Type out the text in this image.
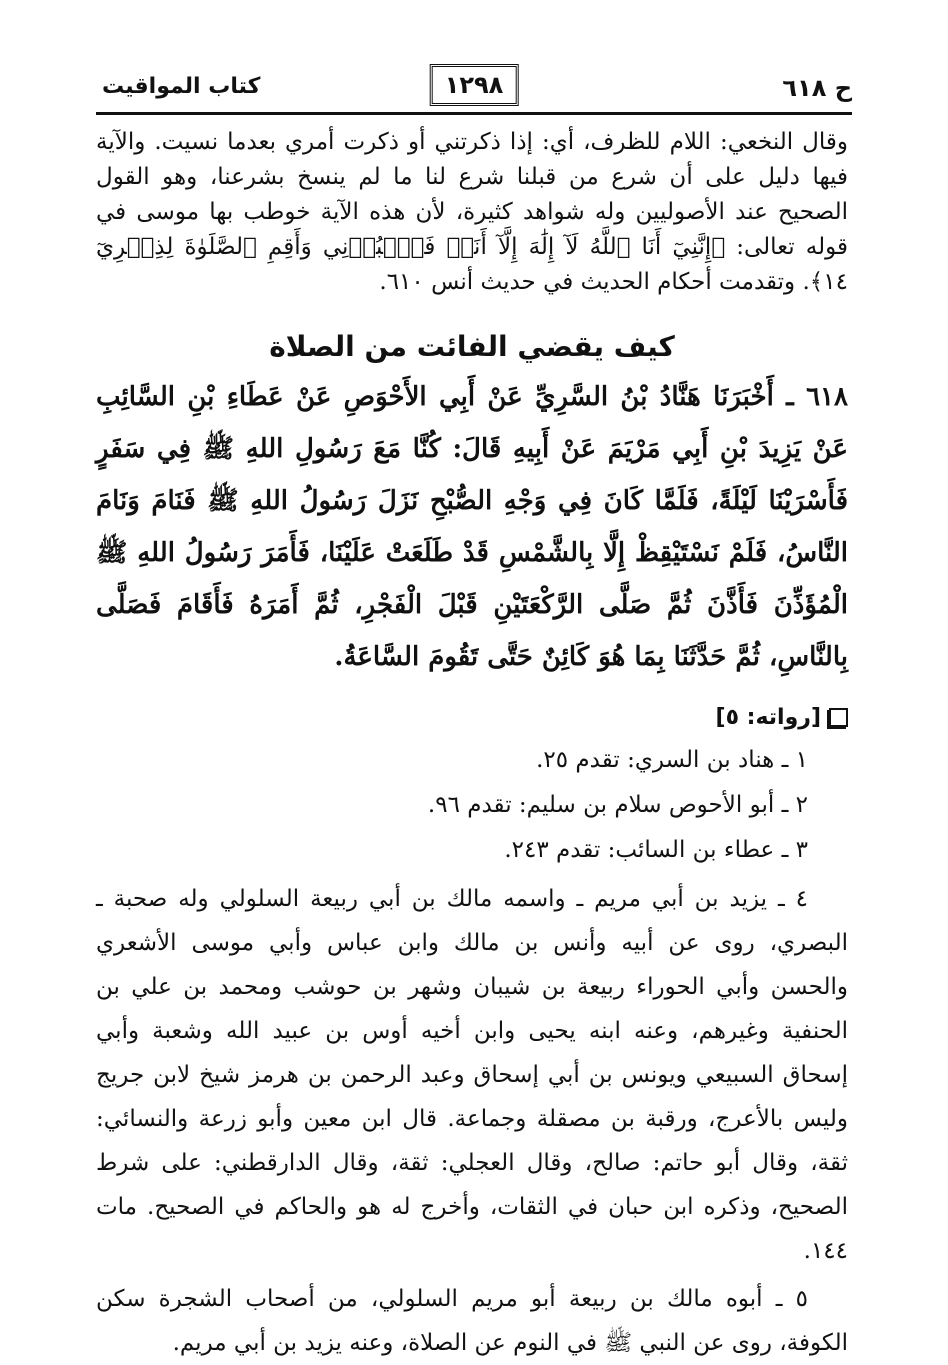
ح ٦١٨
١٢٩٨
كتاب المواقيت

وقال النخعي: اللام للظرف، أي: إذا ذكرتني أو ذكرت أمري بعدما نسيت. والآية فيها دليل على أن شرع من قبلنا شرع لنا ما لم ينسخ بشرعنا، وهو القول الصحيح عند الأصوليين وله شواهد كثيرة، لأن هذه الآية خوطب بها موسى في قوله تعالى: ﴿إِنَّنِيٓ أَنَا ٱللَّهُ لَآ إِلَٰهَ إِلَّآ أَنَا۠ فَٱعۡبُدۡنِي وَأَقِمِ ٱلصَّلَوٰةَ لِذِكۡرِيٓ ١٤﴾. وتقدمت أحكام الحديث في حديث أنس ٦١٠.

كيف يقضي الفائت من الصلاة

٦١٨ ـ أَخْبَرَنَا هَنَّادُ بْنُ السَّرِيِّ عَنْ أَبِي الأَحْوَصِ عَنْ عَطَاءِ بْنِ السَّائِبِ عَنْ يَزِيدَ بْنِ أَبِي مَرْيَمَ عَنْ أَبِيهِ قَالَ: كُنَّا مَعَ رَسُولِ اللهِ ﷺ فِي سَفَرٍ فَأَسْرَيْنَا لَيْلَةً، فَلَمَّا كَانَ فِي وَجْهِ الصُّبْحِ نَزَلَ رَسُولُ اللهِ ﷺ فَنَامَ وَنَامَ النَّاسُ، فَلَمْ نَسْتَيْقِظْ إِلَّا بِالشَّمْسِ قَدْ طَلَعَتْ عَلَيْنَا، فَأَمَرَ رَسُولُ اللهِ ﷺ الْمُؤَذِّنَ فَأَذَّنَ ثُمَّ صَلَّى الرَّكْعَتَيْنِ قَبْلَ الْفَجْرِ، ثُمَّ أَمَرَهُ فَأَقَامَ فَصَلَّى بِالنَّاسِ، ثُمَّ حَدَّثَنَا بِمَا هُوَ كَائِنٌ حَتَّى تَقُومَ السَّاعَةُ.

[رواته: ٥]

١ ـ هناد بن السري: تقدم ٢٥.

٢ ـ أبو الأحوص سلام بن سليم: تقدم ٩٦.

٣ ـ عطاء بن السائب: تقدم ٢٤٣.

٤ ـ يزيد بن أبي مريم ـ واسمه مالك بن أبي ربيعة السلولي وله صحبة ـ البصري، روى عن أبيه وأنس بن مالك وابن عباس وأبي موسى الأشعري والحسن وأبي الحوراء ربيعة بن شيبان وشهر بن حوشب ومحمد بن علي بن الحنفية وغيرهم، وعنه ابنه يحيى وابن أخيه أوس بن عبيد الله وشعبة وأبي إسحاق السبيعي ويونس بن أبي إسحاق وعبد الرحمن بن هرمز شيخ لابن جريج وليس بالأعرج، ورقبة بن مصقلة وجماعة. قال ابن معين وأبو زرعة والنسائي: ثقة، وقال أبو حاتم: صالح، وقال العجلي: ثقة، وقال الدارقطني: على شرط الصحيح، وذكره ابن حبان في الثقات، وأخرج له هو والحاكم في الصحيح. مات ١٤٤.

٥ ـ أبوه مالك بن ربيعة أبو مريم السلولي، من أصحاب الشجرة سكن الكوفة، روى عن النبي ﷺ في النوم عن الصلاة، وعنه يزيد بن أبي مريم.
